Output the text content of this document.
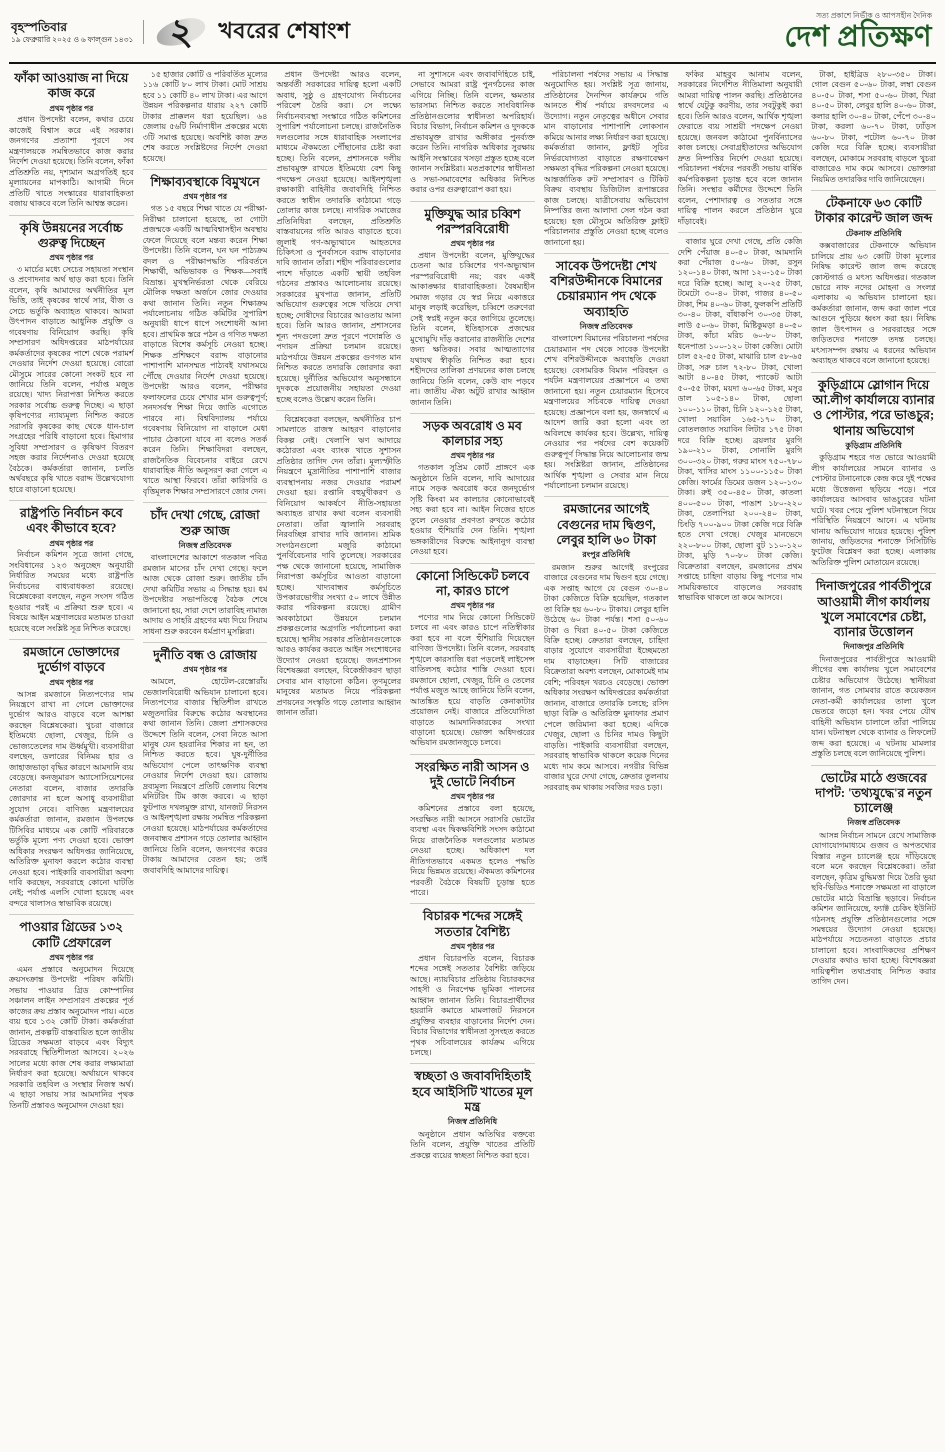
বৃহস্পতিবার
১৯ ফেব্রুয়ারি ২০২৫ ও ৬ ফাল্গুন ১৪৩১ ২ খবরের শেষাংশ
সত্য প্রকাশে নির্ভীক ও আপসহীন দৈনিক
দেশ প্রতিক্ষণ
ফাঁকা আওয়াজ না দিয়ে কাজ করে
প্রথম পৃষ্ঠার পর

প্রধান উপদেষ্টা বলেন, কথার চেয়ে কাজেই বিশ্বাস করে এই সরকার। জনগণের প্রত্যাশা পূরণে সব মন্ত্রণালয়কে সমন্বিতভাবে কাজ করার নির্দেশ দেওয়া হয়েছে। তিনি বলেন, ফাঁকা প্রতিশ্রুতি নয়, দৃশ্যমান অগ্রগতিই হবে মূল্যায়নের মাপকাঠি। আগামী দিনে প্রতিটি খাতে সংস্কারের ধারাবাহিকতা বজায় থাকবে বলে তিনি আশ্বস্ত করেন।

কৃষি উন্নয়নের সর্বোচ্চ গুরুত্ব দিচ্ছেন
প্রথম পৃষ্ঠার পর

৩ মার্চের মধ্যে সেচের সহায়তা সংস্থান ও প্রণোদনার অর্থ ছাড় করা হবে। তিনি বলেন, কৃষি আমাদের অর্থনীতির মূল ভিত্তি, তাই কৃষকের স্বার্থে সার, বীজ ও সেচে ভর্তুকি অব্যাহত থাকবে। আমরা উৎপাদন বাড়াতে আধুনিক প্রযুক্তি ও গবেষণায় বিনিয়োগ করছি। কৃষি সম্প্রসারণ অধিদপ্তরের মাঠপর্যায়ের কর্মকর্তাদের কৃষকের পাশে থেকে পরামর্শ দেওয়ার নির্দেশ দেওয়া হয়েছে। বোরো মৌসুমে সারের কোনো সংকট হবে না জানিয়ে তিনি বলেন, পর্যাপ্ত মজুত রয়েছে। খাদ্য নিরাপত্তা নিশ্চিত করতে সরকার সর্বোচ্চ গুরুত্ব দিচ্ছে। এ ছাড়া কৃষিপণ্যের ন্যায্যমূল্য নিশ্চিত করতে সরাসরি কৃষকের কাছ থেকে ধান-চাল সংগ্রহের পরিধি বাড়ানো হবে। হিমাগার সুবিধা সম্প্রসারণ ও কৃষিঋণ বিতরণ সহজ করার নির্দেশনাও দেওয়া হয়েছে বৈঠকে। কর্মকর্তারা জানান, চলতি অর্থবছরে কৃষি খাতে বরাদ্দ উল্লেখযোগ্য হারে বাড়ানো হয়েছে।

রাষ্ট্রপতি নির্বাচন কবে এবং কীভাবে হবে?
প্রথম পৃষ্ঠার পর

নির্বাচন কমিশন সূত্রে জানা গেছে, সংবিধানের ১২৩ অনুচ্ছেদ অনুযায়ী নির্ধারিত সময়ের মধ্যে রাষ্ট্রপতি নির্বাচনের বাধ্যবাধকতা রয়েছে। বিশ্লেষকেরা বলছেন, নতুন সংসদ গঠিত হওয়ার পরই এ প্রক্রিয়া শুরু হবে। এ বিষয়ে আইন মন্ত্রণালয়ের মতামত চাওয়া হয়েছে বলে সংশ্লিষ্ট সূত্র নিশ্চিত করেছে।

রমজানে ভোক্তাদের দুর্ভোগ বাড়বে
প্রথম পৃষ্ঠার পর

আসন্ন রমজানে নিত্যপণ্যের দাম নিয়ন্ত্রণে রাখা না গেলে ভোক্তাদের দুর্ভোগ আরও বাড়বে বলে আশঙ্কা করছেন বিশ্লেষকেরা। খুচরা বাজারে ইতিমধ্যে ছোলা, খেজুর, চিনি ও ভোজ্যতেলের দাম ঊর্ধ্বমুখী। ব্যবসায়ীরা বলছেন, ডলারের বিনিময় হার ও জাহাজভাড়া বৃদ্ধির কারণে আমদানি ব্যয় বেড়েছে। কনজুমারস অ্যাসোসিয়েশনের নেতারা বলেন, বাজার তদারকি জোরদার না হলে অসাধু ব্যবসায়ীরা সুযোগ নেবে। বাণিজ্য মন্ত্রণালয়ের কর্মকর্তারা জানান, রমজান উপলক্ষে টিসিবির মাধ্যমে এক কোটি পরিবারকে ভর্তুকি মূল্যে পণ্য দেওয়া হবে। ভোক্তা অধিকার সংরক্ষণ অধিদপ্তর জানিয়েছে, অতিরিক্ত মুনাফা করলে কঠোর ব্যবস্থা নেওয়া হবে। পাইকারি ব্যবসায়ীরা অবশ্য দাবি করছেন, সরবরাহে কোনো ঘাটতি নেই; পর্যাপ্ত এলসি খোলা হয়েছে এবং বন্দরে খালাসও স্বাভাবিক রয়েছে।

পাওয়ার গ্রিডের ১৩২ কোটি প্রেফারেল
প্রথম পৃষ্ঠার পর

এমন প্রস্তাবে অনুমোদন দিয়েছে ক্রয়সংক্রান্ত উপদেষ্টা পরিষদ কমিটি। সভায় পাওয়ার গ্রিড কোম্পানির সঞ্চালন লাইন সম্প্রসারণ প্রকল্পের পূর্ত কাজের ক্রয় প্রস্তাব অনুমোদন পায়। এতে ব্যয় হবে ১৩২ কোটি টাকা। কর্মকর্তারা জানান, প্রকল্পটি বাস্তবায়িত হলে জাতীয় গ্রিডের সক্ষমতা বাড়বে এবং বিদ্যুৎ সরবরাহে স্থিতিশীলতা আসবে। ২০২৬ সালের মধ্যে কাজ শেষ করার লক্ষ্যমাত্রা নির্ধারণ করা হয়েছে। অর্থায়নে থাকবে সরকারি তহবিল ও সংস্থার নিজস্ব অর্থ। এ ছাড়া সভায় সার আমদানির পৃথক তিনটি প্রস্তাবও অনুমোদন দেওয়া হয়।

১৫ হাজার কোটি ও পরিবর্তিত মূল্যের ১১৬ কোটি ৮০ লাখ টাকা। মোট সাশ্রয় হবে ১১ কোটি ৪০ লাখ টাকা। এর আগে উন্নয়ন পরিকল্পনার ধারায় ২২৭ কোটি টাকার প্রাক্কলন ধরা হয়েছিল। ৬৪ জেলায় ৫৬টি নির্মাণাধীন প্রকল্পের মধ্যে ৩টি সমাপ্ত হয়েছে। অবশিষ্ট কাজ দ্রুত শেষ করতে সংশ্লিষ্টদের নির্দেশ দেওয়া হয়েছে।

শিক্ষাব্যবস্থাকে বিমুখনে
প্রথম পৃষ্ঠার পর

গত ১৫ বছরে শিক্ষা খাতে যে পরীক্ষা-নিরীক্ষা চালানো হয়েছে, তা গোটা প্রজন্মকে একটি আত্মবিশ্বাসহীন অবস্থায় ফেলে দিয়েছে বলে মন্তব্য করেন শিক্ষা উপদেষ্টা। তিনি বলেন, ঘন ঘন পাঠ্যক্রম বদল ও পরীক্ষাপদ্ধতি পরিবর্তনে শিক্ষার্থী, অভিভাবক ও শিক্ষক—সবাই বিভ্রান্ত। মুখস্থনির্ভরতা থেকে বেরিয়ে মৌলিক দক্ষতা অর্জনে জোর দেওয়ার কথা জানান তিনি। নতুন শিক্ষাক্রম পর্যালোচনায় গঠিত কমিটির সুপারিশ অনুযায়ী ধাপে ধাপে সংশোধনী আনা হবে। প্রাথমিক স্তরে পঠন ও গণিত দক্ষতা বাড়াতে বিশেষ কর্মসূচি নেওয়া হচ্ছে। শিক্ষক প্রশিক্ষণে বরাদ্দ বাড়ানোর পাশাপাশি মানসম্মত পাঠ্যবই যথাসময়ে পৌঁছে দেওয়ার নির্দেশ দেওয়া হয়েছে। উপদেষ্টা আরও বলেন, পরীক্ষার ফলাফলের চেয়ে শেখার মান গুরুত্বপূর্ণ; সনদসর্বস্ব শিক্ষা দিয়ে জাতি এগোতে পারবে না। বিশ্ববিদ্যালয় পর্যায়ে গবেষণায় বিনিয়োগ না বাড়ালে মেধা পাচার ঠেকানো যাবে না বলেও সতর্ক করেন তিনি। শিক্ষাবিদরা বলছেন, রাজনৈতিক বিবেচনার বাইরে রেখে ধারাবাহিক নীতি অনুসরণ করা গেলে এ খাতে আস্থা ফিরবে। তাঁরা কারিগরি ও বৃত্তিমূলক শিক্ষার সম্প্রসারণে জোর দেন।

চাঁদ দেখা গেছে, রোজা শুরু আজ
নিজস্ব প্রতিবেদক

বাংলাদেশের আকাশে গতকাল পবিত্র রমজান মাসের চাঁদ দেখা গেছে। ফলে আজ থেকে রোজা শুরু। জাতীয় চাঁদ দেখা কমিটির সভায় এ সিদ্ধান্ত হয়। ধর্ম উপদেষ্টার সভাপতিত্বে বৈঠক শেষে জানানো হয়, সারা দেশে তারাবিহ নামাজ আদায় ও সাহরি গ্রহণের মধ্য দিয়ে সিয়াম সাধনা শুরু করবেন ধর্মপ্রাণ মুসল্লিরা।

দুর্নীতি বন্ধ ও রোজায়
প্রথম পৃষ্ঠার পর

আমলে, হোটেল-রেস্তোরাঁয় ভেজালবিরোধী অভিযান চালানো হবে। নিত্যপণ্যের বাজার স্থিতিশীল রাখতে মজুতদারির বিরুদ্ধে কঠোর অবস্থানের কথা জানান তিনি। জেলা প্রশাসকদের উদ্দেশে তিনি বলেন, সেবা নিতে আসা মানুষ যেন হয়রানির শিকার না হন, তা নিশ্চিত করতে হবে। ঘুষ-দুর্নীতির অভিযোগ পেলে তাৎক্ষণিক ব্যবস্থা নেওয়ার নির্দেশ দেওয়া হয়। রোজায় দ্রব্যমূল্য নিয়ন্ত্রণে প্রতিটি জেলায় বিশেষ মনিটরিং টিম কাজ করবে। এ ছাড়া ফুটপাত দখলমুক্ত রাখা, যানজট নিরসন ও আইনশৃঙ্খলা রক্ষায় সমন্বিত পরিকল্পনা নেওয়া হয়েছে। মাঠপর্যায়ের কর্মকর্তাদের জনবান্ধব প্রশাসন গড়ে তোলার আহ্বান জানিয়ে তিনি বলেন, জনগণের করের টাকায় আমাদের বেতন হয়; তাই জবাবদিহি আমাদের দায়িত্ব।

প্রধান উপদেষ্টা আরও বলেন, অন্তর্বর্তী সরকারের দায়িত্ব হলো একটি অবাধ, সুষ্ঠু ও গ্রহণযোগ্য নির্বাচনের পরিবেশ তৈরি করা। সে লক্ষ্যে নির্বাচনব্যবস্থা সংস্কারে গঠিত কমিশনের সুপারিশ পর্যালোচনা চলছে। রাজনৈতিক দলগুলোর সঙ্গে ধারাবাহিক সংলাপের মাধ্যমে ঐকমত্যে পৌঁছানোর চেষ্টা করা হচ্ছে। তিনি বলেন, প্রশাসনকে দলীয় প্রভাবমুক্ত রাখতে ইতিমধ্যে বেশ কিছু পদক্ষেপ নেওয়া হয়েছে। আইনশৃঙ্খলা রক্ষাকারী বাহিনীর জবাবদিহি নিশ্চিত করতে স্বাধীন তদারকি কাঠামো গড়ে তোলার কাজ চলছে। নাগরিক সমাজের প্রতিনিধিরা বলছেন, প্রতিশ্রুতি বাস্তবায়নের গতি আরও বাড়াতে হবে। জুলাই গণ-অভ্যুত্থানে আহতদের চিকিৎসা ও পুনর্বাসনে বরাদ্দ বাড়ানোর দাবি জানান তাঁরা। শহীদ পরিবারগুলোর পাশে দাঁড়াতে একটি স্থায়ী তহবিল গঠনের প্রস্তাবও আলোচনায় রয়েছে। সরকারের মুখপাত্র জানান, প্রতিটি অভিযোগ গুরুত্বের সঙ্গে খতিয়ে দেখা হচ্ছে; দোষীদের বিচারের আওতায় আনা হবে। তিনি আরও জানান, প্রশাসনের শূন্য পদগুলো দ্রুত পূরণে পদোন্নতি ও পদায়ন প্রক্রিয়া চলমান রয়েছে। মাঠপর্যায়ে উন্নয়ন প্রকল্পের গুণগত মান নিশ্চিত করতে তদারকি জোরদার করা হয়েছে। দুর্নীতির অভিযোগ অনুসন্ধানে দুদককে প্রয়োজনীয় সহায়তা দেওয়া হচ্ছে বলেও উল্লেখ করেন তিনি।

বিশ্লেষকেরা বলছেন, অর্থনীতির চাপ সামলাতে রাজস্ব আহরণ বাড়ানোর বিকল্প নেই। খেলাপি ঋণ আদায়ে কঠোরতা এবং ব্যাংক খাতে সুশাসন প্রতিষ্ঠার তাগিদ দেন তাঁরা। মূল্যস্ফীতি নিয়ন্ত্রণে মুদ্রানীতির পাশাপাশি বাজার ব্যবস্থাপনায় নজর দেওয়ার পরামর্শ দেওয়া হয়। রপ্তানি বহুমুখীকরণ ও বিনিয়োগ আকর্ষণে নীতি-সহায়তা অব্যাহত রাখার কথা বলেন ব্যবসায়ী নেতারা। তাঁরা জ্বালানি সরবরাহ নিরবচ্ছিন্ন রাখার দাবি জানান। শ্রমিক সংগঠনগুলো মজুরি কাঠামো পুনর্বিবেচনার দাবি তুলেছে। সরকারের পক্ষ থেকে জানানো হয়েছে, সামাজিক নিরাপত্তা কর্মসূচির আওতা বাড়ানো হচ্ছে। খাদ্যবান্ধব কর্মসূচিতে উপকারভোগীর সংখ্যা ৫০ লাখে উন্নীত করার পরিকল্পনা রয়েছে। গ্রামীণ অবকাঠামো উন্নয়নে চলমান প্রকল্পগুলোর অগ্রগতি পর্যালোচনা করা হয়েছে। স্থানীয় সরকার প্রতিষ্ঠানগুলোকে আরও কার্যকর করতে আইন সংশোধনের উদ্যোগ নেওয়া হয়েছে। জনপ্রশাসন বিশেষজ্ঞরা বলছেন, বিকেন্দ্রীকরণ ছাড়া সেবার মান বাড়ানো কঠিন। তৃণমূলের মানুষের মতামত নিয়ে পরিকল্পনা প্রণয়নের সংস্কৃতি গড়ে তোলার আহ্বান জানান তাঁরা।

না সুশাসনে এবং জবাবদিহিতে চাই, সেভাবে আমরা রাষ্ট্র পুনর্গঠনের কাজ এগিয়ে নিচ্ছি। তিনি বলেন, ক্ষমতার ভারসাম্য নিশ্চিত করতে সাংবিধানিক প্রতিষ্ঠানগুলোর স্বাধীনতা অপরিহার্য। বিচার বিভাগ, নির্বাচন কমিশন ও দুদককে প্রভাবমুক্ত রাখার অঙ্গীকার পুনর্ব্যক্ত করেন তিনি। নাগরিক অধিকার সুরক্ষায় আইনি সংস্কারের খসড়া প্রস্তুত হচ্ছে বলে জানান সংশ্লিষ্টরা। মতপ্রকাশের স্বাধীনতা ও সভা-সমাবেশের অধিকার নিশ্চিত করার ওপর গুরুত্বারোপ করা হয়।

মুক্তিযুদ্ধ আর চব্বিশ পরস্পরবিরোধী
প্রথম পৃষ্ঠার পর

প্রধান উপদেষ্টা বলেন, মুক্তিযুদ্ধের চেতনা আর চব্বিশের গণ-অভ্যুত্থান পরস্পরবিরোধী নয়; বরং একই আকাঙ্ক্ষার ধারাবাহিকতা। বৈষম্যহীন সমাজ গড়ার যে স্বপ্ন নিয়ে একাত্তরে মানুষ লড়াই করেছিল, চব্বিশে তরুণেরা সেই স্বপ্নই নতুন করে জাগিয়ে তুলেছে। তিনি বলেন, ইতিহাসকে প্রজন্মের মুখোমুখি দাঁড় করানোর রাজনীতি দেশের জন্য ক্ষতিকর। সবার আত্মত্যাগের যথাযথ স্বীকৃতি নিশ্চিত করা হবে। শহীদদের তালিকা প্রণয়নের কাজ চলছে জানিয়ে তিনি বলেন, কেউ বাদ পড়বে না। জাতীয় ঐক্য অটুট রাখার আহ্বান জানান তিনি।

সড়ক অবরোধ ও মব কালচার সহ্য
প্রথম পৃষ্ঠার পর

গতকাল সুপ্রিম কোর্ট প্রাঙ্গণে এক অনুষ্ঠানে তিনি বলেন, দাবি আদায়ের নামে সড়ক অবরোধ করে জনদুর্ভোগ সৃষ্টি কিংবা মব কালচার কোনোভাবেই সহ্য করা হবে না। আইন নিজের হাতে তুলে নেওয়ার প্রবণতা রুখতে কঠোর হওয়ার হুঁশিয়ারি দেন তিনি। শৃঙ্খলা ভঙ্গকারীদের বিরুদ্ধে আইনানুগ ব্যবস্থা নেওয়া হবে।

কোনো সিন্ডিকেট চলবে না, কারও চাপে
প্রথম পৃষ্ঠার পর

পণ্যের দাম নিয়ে কোনো সিন্ডিকেট চলবে না এবং কারও চাপে নতিস্বীকার করা হবে না বলে হুঁশিয়ারি দিয়েছেন বাণিজ্য উপদেষ্টা। তিনি বলেন, সরবরাহ শৃঙ্খলে কারসাজি ধরা পড়লেই লাইসেন্স বাতিলসহ কঠোর শাস্তি দেওয়া হবে। রমজানে ছোলা, খেজুর, চিনি ও তেলের পর্যাপ্ত মজুত আছে জানিয়ে তিনি বলেন, আতঙ্কিত হয়ে বাড়তি কেনাকাটার প্রয়োজন নেই। বাজারে প্রতিযোগিতা বাড়াতে আমদানিকারকের সংখ্যা বাড়ানো হয়েছে। ভোক্তা অধিদপ্তরের অভিযান রমজানজুড়ে চলবে।

সংরক্ষিত নারী আসন ও দুই ভোটে নির্বাচন
প্রথম পৃষ্ঠার পর

কমিশনের প্রস্তাবে বলা হয়েছে, সংরক্ষিত নারী আসনে সরাসরি ভোটের ব্যবস্থা এবং দ্বিকক্ষবিশিষ্ট সংসদ কাঠামো নিয়ে রাজনৈতিক দলগুলোর মতামত নেওয়া হচ্ছে। অধিকাংশ দল নীতিগতভাবে একমত হলেও পদ্ধতি নিয়ে ভিন্নমত রয়েছে। ঐকমত্য কমিশনের পরবর্তী বৈঠকে বিষয়টি চূড়ান্ত হতে পারে।

বিচারক শব্দের সঙ্গেই সততার বৈশিষ্ট্য
প্রথম পৃষ্ঠার পর

প্রধান বিচারপতি বলেন, বিচারক শব্দের সঙ্গেই সততার বৈশিষ্ট্য জড়িয়ে আছে। ন্যায়বিচার প্রতিষ্ঠায় বিচারকদের সাহসী ও নিরপেক্ষ ভূমিকা পালনের আহ্বান জানান তিনি। বিচারপ্রার্থীদের হয়রানি কমাতে মামলাজট নিরসনে প্রযুক্তির ব্যবহার বাড়ানোর নির্দেশ দেন। বিচার বিভাগের স্বাধীনতা সুসংহত করতে পৃথক সচিবালয়ের কার্যক্রম এগিয়ে চলছে।

স্বচ্ছতা ও জবাবদিহিতাই হবে আইসিটি খাতের মূল মন্ত্র
নিজস্ব প্রতিনিধি

অনুষ্ঠানে প্রধান অতিথির বক্তব্যে তিনি বলেন, প্রযুক্তি খাতের প্রতিটি প্রকল্পে ব্যয়ের স্বচ্ছতা নিশ্চিত করা হবে।

পরিচালনা পর্ষদের সভায় এ সিদ্ধান্ত অনুমোদিত হয়। সংশ্লিষ্ট সূত্র জানায়, প্রতিষ্ঠানের দৈনন্দিন কার্যক্রমে গতি আনতে শীর্ষ পর্যায়ে রদবদলের এ উদ্যোগ। নতুন নেতৃত্বের অধীনে সেবার মান বাড়ানোর পাশাপাশি লোকসান কমিয়ে আনার লক্ষ্য নির্ধারণ করা হয়েছে। কর্মকর্তারা জানান, ফ্লাইট সূচির নির্ভরযোগ্যতা বাড়াতে রক্ষণাবেক্ষণ সক্ষমতা বৃদ্ধির পরিকল্পনা নেওয়া হয়েছে। আন্তর্জাতিক রুট সম্প্রসারণ ও টিকিট বিক্রয় ব্যবস্থায় ডিজিটাল রূপান্তরের কাজ চলছে। যাত্রীসেবায় অভিযোগ নিষ্পত্তির জন্য আলাদা সেল গঠন করা হয়েছে। হজ মৌসুমে অতিরিক্ত ফ্লাইট পরিচালনার প্রস্তুতি নেওয়া হচ্ছে বলেও জানানো হয়।

সাবেক উপদেষ্টা শেখ বশিরউদ্দীনকে বিমানের চেয়ারম্যান পদ থেকে অব্যাহতি
নিজস্ব প্রতিবেদক

বাংলাদেশ বিমানের পরিচালনা পর্ষদের চেয়ারম্যান পদ থেকে সাবেক উপদেষ্টা শেখ বশিরউদ্দীনকে অব্যাহতি দেওয়া হয়েছে। বেসামরিক বিমান পরিবহন ও পর্যটন মন্ত্রণালয়ের প্রজ্ঞাপনে এ তথ্য জানানো হয়। নতুন চেয়ারম্যান হিসেবে মন্ত্রণালয়ের সচিবকে দায়িত্ব দেওয়া হয়েছে। প্রজ্ঞাপনে বলা হয়, জনস্বার্থে এ আদেশ জারি করা হলো এবং তা অবিলম্বে কার্যকর হবে। উল্লেখ্য, দায়িত্ব নেওয়ার পর পর্ষদের বেশ কয়েকটি গুরুত্বপূর্ণ সিদ্ধান্ত নিয়ে আলোচনার জন্ম হয়। সংশ্লিষ্টরা জানান, প্রতিষ্ঠানের আর্থিক শৃঙ্খলা ও সেবার মান নিয়ে পর্যালোচনা চলমান রয়েছে।

রমজানের আগেই বেগুনের দাম দ্বিগুণ, লেবুর হালি ৬০ টাকা
রংপুর প্রতিনিধি

রমজান শুরুর আগেই রংপুরের বাজারে বেগুনের দাম দ্বিগুণ হয়ে গেছে। এক সপ্তাহ আগে যে বেগুন ৩০-৪০ টাকা কেজিতে বিক্রি হয়েছিল, গতকাল তা বিক্রি হয় ৬০-৮০ টাকায়। লেবুর হালি উঠেছে ৬০ টাকা পর্যন্ত। শসা ৫০-৬০ টাকা ও খিরা ৪০-৫০ টাকা কেজিতে বিক্রি হচ্ছে। ক্রেতারা বলছেন, চাহিদা বাড়ার সুযোগে ব্যবসায়ীরা ইচ্ছেমতো দাম বাড়াচ্ছেন। সিটি বাজারের বিক্রেতারা অবশ্য বলছেন, মোকামেই দাম বেশি; পরিবহন খরচও বেড়েছে। ভোক্তা অধিকার সংরক্ষণ অধিদপ্তরের কর্মকর্তারা জানান, বাজারে তদারকি চলছে; রসিদ ছাড়া বিক্রি ও অতিরিক্ত মুনাফার প্রমাণ পেলে জরিমানা করা হচ্ছে। এদিকে খেজুর, ছোলা ও চিনির দামও কিছুটা বাড়তি। পাইকারি ব্যবসায়ীরা বলছেন, সরবরাহ স্বাভাবিক থাকলে কয়েক দিনের মধ্যে দাম কমে আসবে। নগরীর বিভিন্ন বাজার ঘুরে দেখা গেছে, ক্রেতার তুলনায় সরবরাহ কম থাকায় সবজির দরও চড়া।

ফকির মাহবুব আনাম বলেন, সরকারের নির্দেশিত নীতিমালা অনুযায়ী আমরা দায়িত্ব পালন করছি। প্রতিষ্ঠানের স্বার্থে যেটুকু করণীয়, তার সবটুকুই করা হবে। তিনি আরও বলেন, আর্থিক শৃঙ্খলা ফেরাতে ব্যয় সাশ্রয়ী পদক্ষেপ নেওয়া হয়েছে। জনবল কাঠামো পুনর্বিন্যাসের কাজ চলছে। সেবাগ্রহীতাদের অভিযোগ দ্রুত নিষ্পত্তির নির্দেশ দেওয়া হয়েছে। পরিচালনা পর্ষদের পরবর্তী সভায় বার্ষিক কর্মপরিকল্পনা চূড়ান্ত হবে বলে জানান তিনি। সংস্থার কর্মীদের উদ্দেশে তিনি বলেন, পেশাদারত্ব ও সততার সঙ্গে দায়িত্ব পালন করলে প্রতিষ্ঠান ঘুরে দাঁড়াবেই।

বাজার ঘুরে দেখা গেছে, প্রতি কেজি দেশি পেঁয়াজ ৪০-৫০ টাকা, আমদানি করা পেঁয়াজ ৫০-৬০ টাকা, রসুন ১২০-১৪০ টাকা, আদা ১২০-১৫০ টাকা দরে বিক্রি হচ্ছে। আলু ২০-২৫ টাকা, টমেটো ৩০-৪০ টাকা, গাজর ৪০-৫০ টাকা, শিম ৪০-৬০ টাকা, ফুলকপি প্রতিটি ৩০-৪০ টাকা, বাঁধাকপি ৩০-৩৫ টাকা, লাউ ৫০-৬০ টাকা, মিষ্টিকুমড়া ৪০-৫০ টাকা, কাঁচা মরিচ ৬০-৮০ টাকা, ধনেপাতা ১০০-১২০ টাকা কেজি। মোটা চাল ৫২-৫৫ টাকা, মাঝারি চাল ৫৮-৬৫ টাকা, সরু চাল ৭২-৮০ টাকা, খোলা আটা ৪০-৪৫ টাকা, প্যাকেট আটা ৫০-৫৫ টাকা, ময়দা ৬০-৬৫ টাকা, মসুর ডাল ১০৫-১৪০ টাকা, ছোলা ১০০-১১০ টাকা, চিনি ১২০-১২৫ টাকা, খোলা সয়াবিন ১৬৫-১৭০ টাকা, বোতলজাত সয়াবিন লিটার ১৭৫ টাকা দরে বিক্রি হচ্ছে। ব্রয়লার মুরগি ১৯০-২১০ টাকা, সোনালি মুরগি ৩০০-৩২০ টাকা, গরুর মাংস ৭৫০-৭৮০ টাকা, খাসির মাংস ১১০০-১১৫০ টাকা কেজি। ফার্মের ডিমের ডজন ১২০-১৩০ টাকা। রুই ৩৫০-৪৫০ টাকা, কাতলা ৪০০-৫০০ টাকা, পাঙাশ ১৮০-২২০ টাকা, তেলাপিয়া ২০০-২৪০ টাকা, চিংড়ি ৭০০-৯০০ টাকা কেজি দরে বিক্রি হতে দেখা গেছে। খেজুর মানভেদে ২২০-৮০০ টাকা, ছোলা বুট ১১০-১২০ টাকা, মুড়ি ৭০-৮০ টাকা কেজি। বিক্রেতারা বলছেন, রমজানের প্রথম সপ্তাহে চাহিদা বাড়ায় কিছু পণ্যের দাম সাময়িকভাবে বাড়লেও সরবরাহ স্বাভাবিক থাকলে তা কমে আসবে।

টাকা, হাইব্রিড ২৮০-৩৫০ টাকা। গোল বেগুন ৫০-৬০ টাকা, লম্বা বেগুন ৪০-৫০ টাকা, শসা ৫০-৬০ টাকা, খিরা ৪০-৫০ টাকা, লেবুর হালি ৪০-৬০ টাকা, কলার হালি ৩০-৪০ টাকা, পেঁপে ৩০-৪০ টাকা, করলা ৬০-৭০ টাকা, ঢ্যাঁড়স ৬০-৮০ টাকা, পটোল ৬০-৭০ টাকা কেজি দরে বিক্রি হচ্ছে। ব্যবসায়ীরা বলছেন, মোকামে সরবরাহ বাড়লে খুচরা বাজারেও দাম কমে আসবে। ভোক্তারা নিয়মিত তদারকির দাবি জানিয়েছেন।

টেকনাফে ৬৩ কোটি টাকার কারেন্ট জাল জব্দ
টেকনাফ প্রতিনিধি

কক্সবাজারের টেকনাফে অভিযান চালিয়ে প্রায় ৬৩ কোটি টাকা মূল্যের নিষিদ্ধ কারেন্ট জাল জব্দ করেছে কোস্টগার্ড ও মৎস্য অধিদপ্তর। গতকাল ভোরে নাফ নদের মোহনা ও সংলগ্ন এলাকায় এ অভিযান চালানো হয়। কর্মকর্তারা জানান, জব্দ করা জাল পরে আগুনে পুড়িয়ে ধ্বংস করা হয়। নিষিদ্ধ জাল উৎপাদন ও সরবরাহের সঙ্গে জড়িতদের শনাক্তে তদন্ত চলছে। মৎস্যসম্পদ রক্ষায় এ ধরনের অভিযান অব্যাহত থাকবে বলে জানানো হয়েছে।

কুড়িগ্রামে স্লোগান দিয়ে আ.লীগ কার্যালয়ে ব্যানার ও পোস্টার, পরে ভাঙচুর; থানায় অভিযোগ
কুড়িগ্রাম প্রতিনিধি

কুড়িগ্রাম শহরে গত ভোরে আওয়ামী লীগ কার্যালয়ের সামনে ব্যানার ও পোস্টার টানানোকে কেন্দ্র করে দুই পক্ষের মধ্যে উত্তেজনা ছড়িয়ে পড়ে। পরে কার্যালয়ের আসবাব ভাঙচুরের ঘটনা ঘটে। খবর পেয়ে পুলিশ ঘটনাস্থলে গিয়ে পরিস্থিতি নিয়ন্ত্রণে আনে। এ ঘটনায় থানায় অভিযোগ দায়ের হয়েছে। পুলিশ জানায়, জড়িতদের শনাক্তে সিসিটিভি ফুটেজ বিশ্লেষণ করা হচ্ছে। এলাকায় অতিরিক্ত পুলিশ মোতায়েন রয়েছে।

দিনাজপুরের পার্বতীপুরে আওয়ামী লীগ কার্যালয় খুলে সমাবেশের চেষ্টা, ব্যানার উত্তোলন
দিনাজপুর প্রতিনিধি

দিনাজপুরের পার্বতীপুরে আওয়ামী লীগের বন্ধ কার্যালয় খুলে সমাবেশের চেষ্টার অভিযোগ উঠেছে। স্থানীয়রা জানান, গত সোমবার রাতে কয়েকজন নেতা-কর্মী কার্যালয়ের তালা খুলে ভেতরে জড়ো হন। খবর পেয়ে যৌথ বাহিনী অভিযান চালালে তাঁরা পালিয়ে যান। ঘটনাস্থল থেকে ব্যানার ও লিফলেট জব্দ করা হয়েছে। এ ঘটনায় মামলার প্রস্তুতি চলছে বলে জানিয়েছে পুলিশ।

ভোটের মাঠে গুজবের দাপট: 'তথ্যযুদ্ধে'র নতুন চ্যালেঞ্জ
নিজস্ব প্রতিবেদক

আসন্ন নির্বাচন সামনে রেখে সামাজিক যোগাযোগমাধ্যমে গুজব ও অপতথ্যের বিস্তার নতুন চ্যালেঞ্জ হয়ে দাঁড়িয়েছে বলে মনে করছেন বিশ্লেষকেরা। তাঁরা বলছেন, কৃত্রিম বুদ্ধিমত্তা দিয়ে তৈরি ভুয়া ছবি-ভিডিও শনাক্তে সক্ষমতা না বাড়ালে ভোটের মাঠে বিভ্রান্তি ছড়াবে। নির্বাচন কমিশন জানিয়েছে, ফ্যাক্ট চেকিং ইউনিট গঠনসহ প্রযুক্তি প্রতিষ্ঠানগুলোর সঙ্গে সমন্বয়ের উদ্যোগ নেওয়া হয়েছে। মাঠপর্যায়ে সচেতনতা বাড়াতে প্রচার চালানো হবে। সাংবাদিকদের প্রশিক্ষণ দেওয়ার কথাও ভাবা হচ্ছে। বিশেষজ্ঞরা দায়িত্বশীল তথ্যপ্রবাহ নিশ্চিত করার তাগিদ দেন।
